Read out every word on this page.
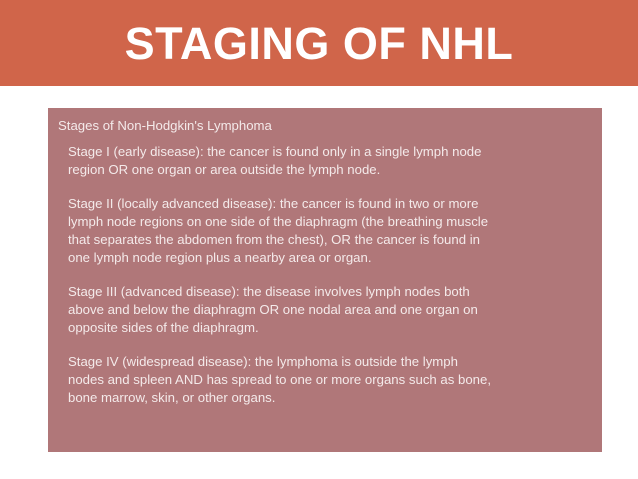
STAGING OF NHL
Stages of Non-Hodgkin's Lymphoma
Stage I (early disease): the cancer is found only in a single lymph node
region OR one organ or area outside the lymph node.
Stage II (locally advanced disease): the cancer is found in two or more
lymph node regions on one side of the diaphragm (the breathing muscle
that separates the abdomen from the chest), OR the cancer is found in
one lymph node region plus a nearby area or organ.
Stage III (advanced disease): the disease involves lymph nodes both
above and below the diaphragm OR one nodal area and one organ on
opposite sides of the diaphragm.
Stage IV (widespread disease): the lymphoma is outside the lymph
nodes and spleen AND has spread to one or more organs such as bone,
bone marrow, skin, or other organs.
